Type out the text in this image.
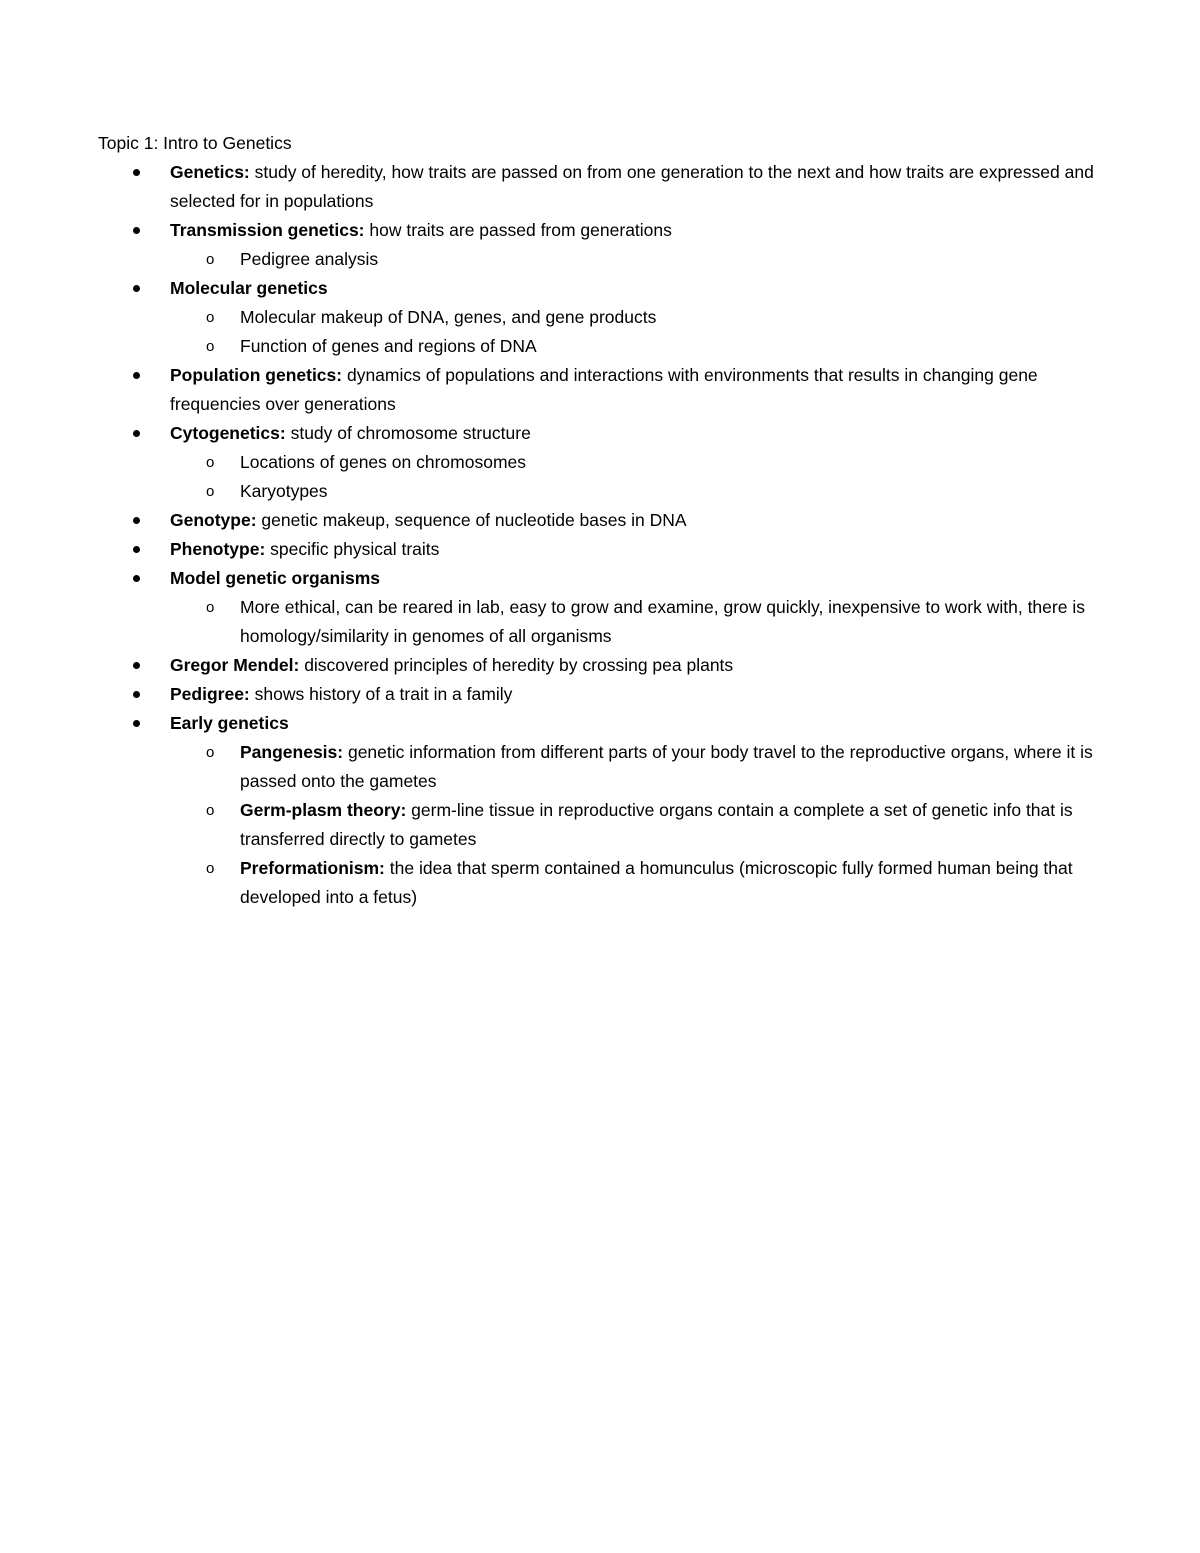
Topic 1: Intro to Genetics
Genetics: study of heredity, how traits are passed on from one generation to the next and how traits are expressed and selected for in populations
Transmission genetics: how traits are passed from generations
o Pedigree analysis
Molecular genetics
o Molecular makeup of DNA, genes, and gene products
o Function of genes and regions of DNA
Population genetics: dynamics of populations and interactions with environments that results in changing gene frequencies over generations
Cytogenetics: study of chromosome structure
o Locations of genes on chromosomes
o Karyotypes
Genotype: genetic makeup, sequence of nucleotide bases in DNA
Phenotype: specific physical traits
Model genetic organisms
o More ethical, can be reared in lab, easy to grow and examine, grow quickly, inexpensive to work with, there is homology/similarity in genomes of all organisms
Gregor Mendel: discovered principles of heredity by crossing pea plants
Pedigree: shows history of a trait in a family
Early genetics
o Pangenesis: genetic information from different parts of your body travel to the reproductive organs, where it is passed onto the gametes
o Germ-plasm theory: germ-line tissue in reproductive organs contain a complete a set of genetic info that is transferred directly to gametes
o Preformationism: the idea that sperm contained a homunculus (microscopic fully formed human being that developed into a fetus)
